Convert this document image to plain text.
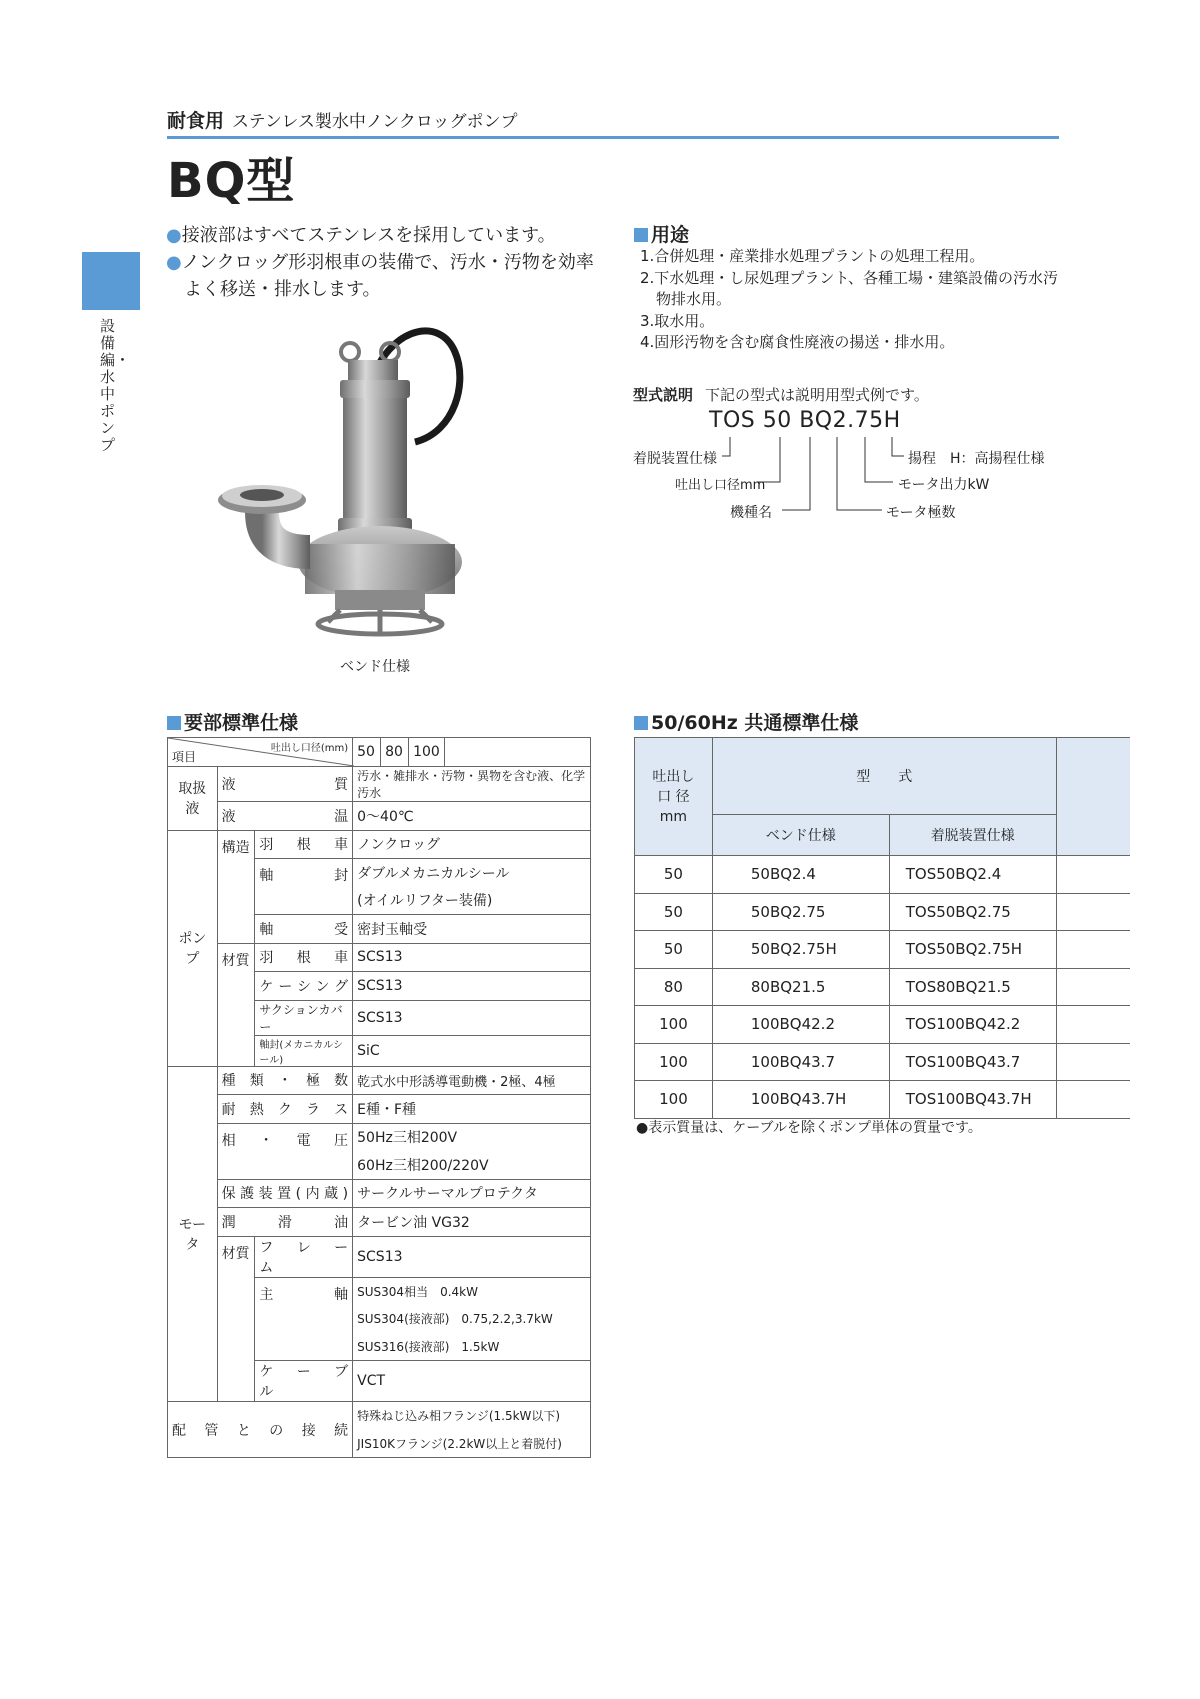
耐食用 ステンレス製水中ノンクロッグポンプ
BQ型
設備編・水中ポンプ
●接液部はすべてステンレスを採用しています。
●ノンクロッグ形羽根車の装備で、汚水・汚物を効率よく移送・排水します。
用途
1.合併処理・産業排水処理プラントの処理工程用。
2.下水処理・し尿処理プラント、各種工場・建築設備の汚水汚物排水用。
3.取水用。
4.固形汚物を含む腐食性廃液の揚送・排水用。
型式説明 下記の型式は説明用型式例です。
TOS 50 BQ2.75H
着脱装置仕様
吐出し口径mm
機種名
揚程　H：高揚程仕様
モータ出力kW
モータ極数
ベンド仕様
要部標準仕様
吐出し口径(mm)
項目			50	80	100	
取扱液	液　　　　　質		汚水・雑排水・汚物・異物を含む液、化学汚水			
	液　　　　　温		0～40℃			
ポンプ	構造	羽　根　車	ノンクロッグ			
		軸　　　封	ダブルメカニカルシール			
			(オイルリフター装備)			
		軸　　　受	密封玉軸受			
	材質	羽　根　車	SCS13			
		ケーシング	SCS13			
		サクションカバー	SCS13			
		軸封(メカニカルシール)	SiC			
モータ	種　類　・　極　数		乾式水中形誘導電動機・2極、4極			
	耐　熱　ク　ラ　ス		E種・F種			
	相　・　電　圧		50Hz三相200V			
			60Hz三相200/220V			
	保護装置(内蔵)		サークルサーマルプロテクタ			
	潤　　滑　　油		タービン油 VG32			
	材質	フ　レ　ー　ム	SCS13			
		主　　　　軸	SUS304相当　0.4kW			
			SUS304(接液部)　0.75,2.2,3.7kW			
			SUS316(接液部)　1.5kW			
		ケ　ー　ブ　ル	VCT			
配　管　と　の　接　続			特殊ねじ込み相フランジ(1.5kW以下)			
			JIS10Kフランジ(2.2kW以上と着脱付)			
50/60Hz 共通標準仕様
吐出し
口 径
mm	型　　式		
	ベンド仕様	着脱装置仕様	
50	50BQ2.4	TOS50BQ2.4	
50	50BQ2.75	TOS50BQ2.75	
50	50BQ2.75H	TOS50BQ2.75H	
80	80BQ21.5	TOS80BQ21.5	
100	100BQ42.2	TOS100BQ42.2	
100	100BQ43.7	TOS100BQ43.7	
100	100BQ43.7H	TOS100BQ43.7H	
●表示質量は、ケーブルを除くポンプ単体の質量です。
